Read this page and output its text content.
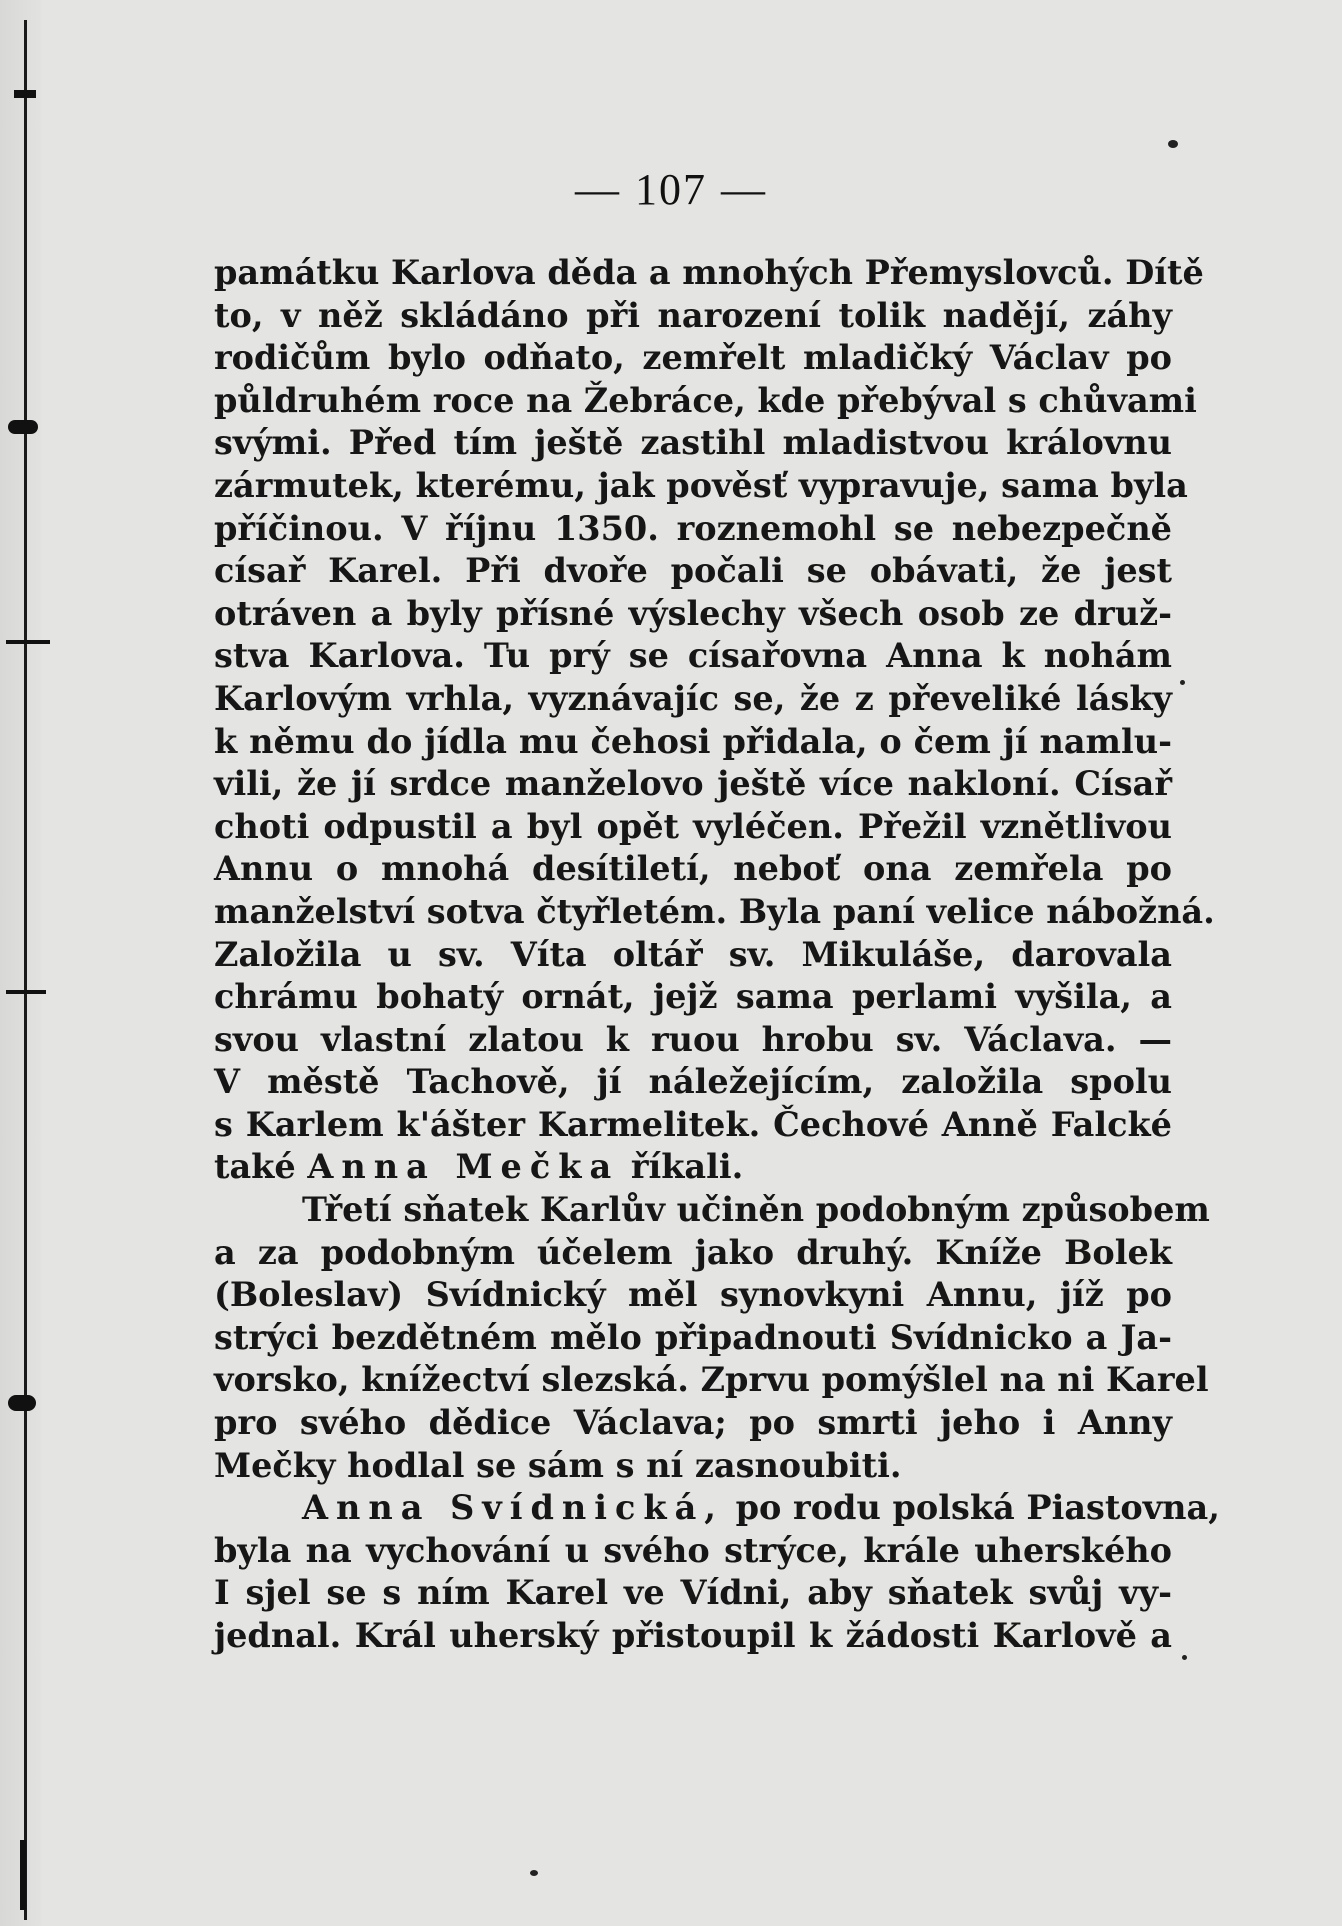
— 107 —
památku Karlova děda a mnohých Přemyslovců. Dítě
to, v něž skládáno při narození tolik nadějí, záhy
rodičům bylo odňato, zemřelt mladičký Václav po
půldruhém roce na Žebráce, kde přebýval s chůvami
svými. Před tím ještě zastihl mladistvou královnu
zármutek, kterému, jak pověsť vypravuje, sama byla
příčinou. V říjnu 1350. roznemohl se nebezpečně
císař Karel. Při dvoře počali se obávati, že jest
otráven a byly přísné výslechy všech osob ze druž-
stva Karlova. Tu prý se císařovna Anna k nohám
Karlovým vrhla, vyznávajíc se, že z převeliké lásky
k němu do jídla mu čehosi přidala, o čem jí namlu-
vili, že jí srdce manželovo ještě více nakloní. Císař
choti odpustil a byl opět vyléčen. Přežil vznětlivou
Annu o mnohá desítiletí, neboť ona zemřela po
manželství sotva čtyřletém. Byla paní velice nábožná.
Založila u sv. Víta oltář sv. Mikuláše, darovala
chrámu bohatý ornát, jejž sama perlami vyšila, a
svou vlastní zlatou k ruou hrobu sv. Václava. —
V městě Tachově, jí náležejícím, založila spolu
s Karlem k'ášter Karmelitek. Čechové Anně Falcké
také Anna Mečka říkali.
Třetí sňatek Karlův učiněn podobným způsobem
a za podobným účelem jako druhý. Kníže Bolek
(Boleslav) Svídnický měl synovkyni Annu, jíž po
strýci bezdětném mělo připadnouti Svídnicko a Ja-
vorsko, knížectví slezská. Zprvu pomýšlel na ni Karel
pro svého dědice Václava; po smrti jeho i Anny
Mečky hodlal se sám s ní zasnoubiti.
Anna Svídnická, po rodu polská Piastovna,
byla na vychování u svého strýce, krále uherského
I sjel se s ním Karel ve Vídni, aby sňatek svůj vy-
jednal. Král uherský přistoupil k žádosti Karlově a
